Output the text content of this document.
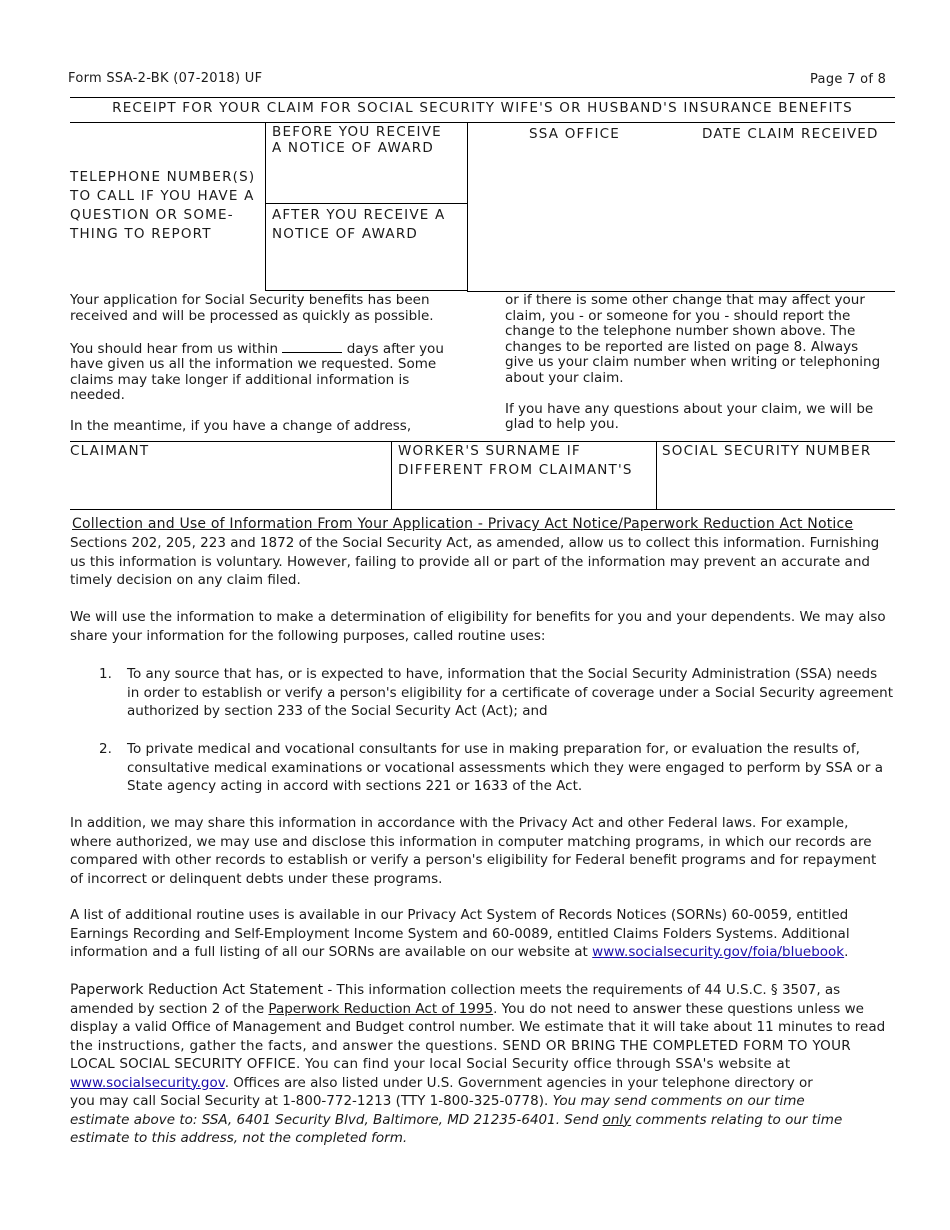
Form SSA-2-BK (07-2018) UF	Page 7 of 8
RECEIPT FOR YOUR CLAIM FOR SOCIAL SECURITY WIFE'S OR HUSBAND'S INSURANCE BENEFITS
TELEPHONE NUMBER(S)
TO CALL IF YOU HAVE A
QUESTION OR SOME-
THING TO REPORT
BEFORE YOU RECEIVE
A NOTICE OF AWARD
AFTER YOU RECEIVE A
NOTICE OF AWARD
SSA OFFICE	DATE CLAIM RECEIVED
Your application for Social Security benefits has been
received and will be processed as quickly as possible.
You should hear from us within	days after you
have given us all the information we requested. Some
claims may take longer if additional information is
needed.
In the meantime, if you have a change of address,
or if there is some other change that may affect your
claim, you - or someone for you - should report the
change to the telephone number shown above. The
changes to be reported are listed on page 8. Always
give us your claim number when writing or telephoning
about your claim.
If you have any questions about your claim, we will be
glad to help you.
CLAIMANT	WORKER'S SURNAME IF
DIFFERENT FROM CLAIMANT'S
SOCIAL SECURITY NUMBER
Collection and Use of Information From Your Application - Privacy Act Notice/Paperwork Reduction Act Notice
Sections 202, 205, 223 and 1872 of the Social Security Act, as amended, allow us to collect this information. Furnishing
us this information is voluntary. However, failing to provide all or part of the information may prevent an accurate and
timely decision on any claim filed.
We will use the information to make a determination of eligibility for benefits for you and your dependents. We may also
share your information for the following purposes, called routine uses:
1. To any source that has, or is expected to have, information that the Social Security Administration (SSA) needs
in order to establish or verify a person's eligibility for a certificate of coverage under a Social Security agreement
authorized by section 233 of the Social Security Act (Act); and
2. To private medical and vocational consultants for use in making preparation for, or evaluation the results of,
consultative medical examinations or vocational assessments which they were engaged to perform by SSA or a
State agency acting in accord with sections 221 or 1633 of the Act.
In addition, we may share this information in accordance with the Privacy Act and other Federal laws. For example,
where authorized, we may use and disclose this information in computer matching programs, in which our records are
compared with other records to establish or verify a person's eligibility for Federal benefit programs and for repayment
of incorrect or delinquent debts under these programs.
A list of additional routine uses is available in our Privacy Act System of Records Notices (SORNs) 60-0059, entitled
Earnings Recording and Self-Employment Income System and 60-0089, entitled Claims Folders Systems. Additional
information and a full listing of all our SORNs are available on our website at www.socialsecurity.gov/foia/bluebook.
Paperwork Reduction Act Statement - This information collection meets the requirements of 44 U.S.C. § 3507, as
amended by section 2 of the Paperwork Reduction Act of 1995. You do not need to answer these questions unless we
display a valid Office of Management and Budget control number. We estimate that it will take about 11 minutes to read
the instructions, gather the facts, and answer the questions. SEND OR BRING THE COMPLETED FORM TO YOUR
LOCAL SOCIAL SECURITY OFFICE. You can find your local Social Security office through SSA's website at
www.socialsecurity.gov. Offices are also listed under U.S. Government agencies in your telephone directory or
you may call Social Security at 1-800-772-1213 (TTY 1-800-325-0778). You may send comments on our time
estimate above to: SSA, 6401 Security Blvd, Baltimore, MD 21235-6401. Send only comments relating to our time
estimate to this address, not the completed form.
